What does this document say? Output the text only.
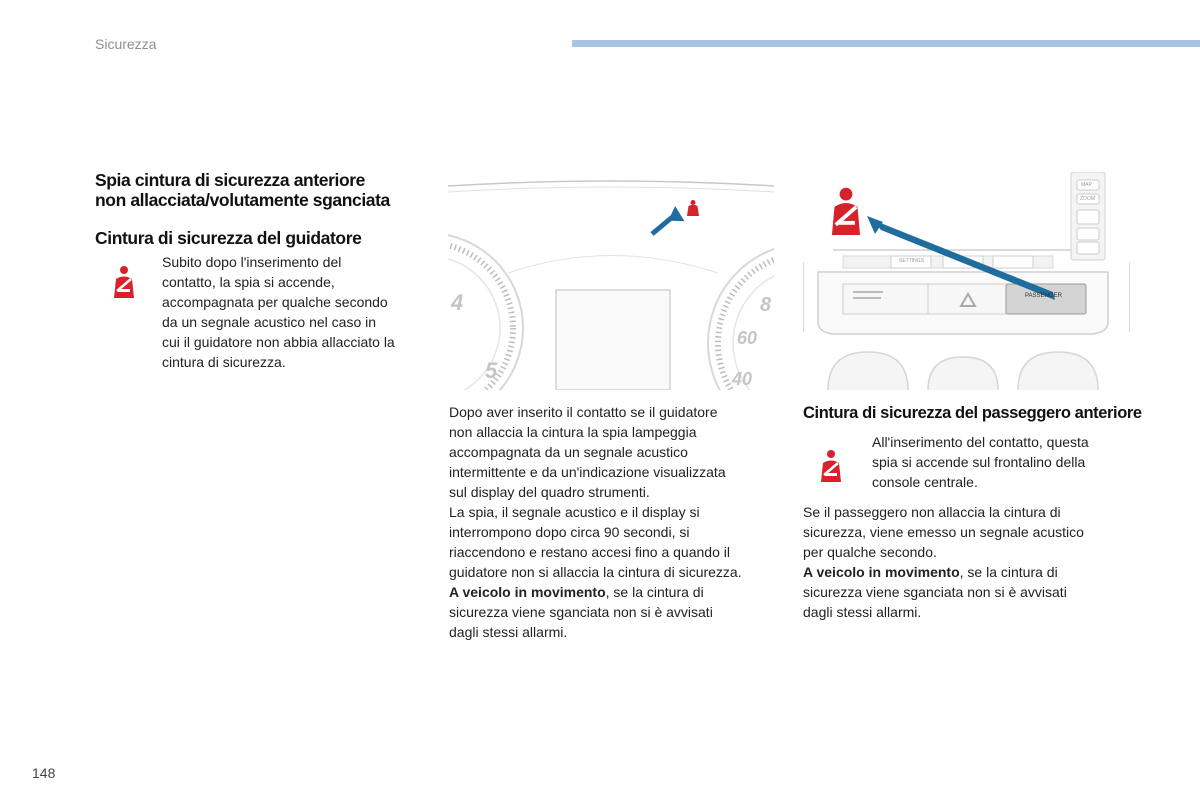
Sicurezza
Spia cintura di sicurezza anteriore
non allacciata/volutamente sganciata
Cintura di sicurezza del guidatore
Subito dopo l'inserimento del
contatto, la spia si accende,
accompagnata per qualche secondo
da un segnale acustico nel caso in
cui il guidatore non abbia allacciato la
cintura di sicurezza.
4
5
8
60
40
Dopo aver inserito il contatto se il guidatore
non allaccia la cintura la spia lampeggia
accompagnata da un segnale acustico
intermittente e da un'indicazione visualizzata
sul display del quadro strumenti.
La spia, il segnale acustico e il display si
interrompono dopo circa 90 secondi, si
riaccendono e restano accesi fino a quando il
guidatore non si allaccia la cintura di sicurezza.
A veicolo in movimento, se la cintura di
sicurezza viene sganciata non si è avvisati
dagli stessi allarmi.
PASSENGER
SETTINGS
MAP
ZOOM
Cintura di sicurezza del passeggero anteriore
All'inserimento del contatto, questa
spia si accende sul frontalino della
console centrale.
Se il passeggero non allaccia la cintura di
sicurezza, viene emesso un segnale acustico
per qualche secondo.
A veicolo in movimento, se la cintura di
sicurezza viene sganciata non si è avvisati
dagli stessi allarmi.
148
